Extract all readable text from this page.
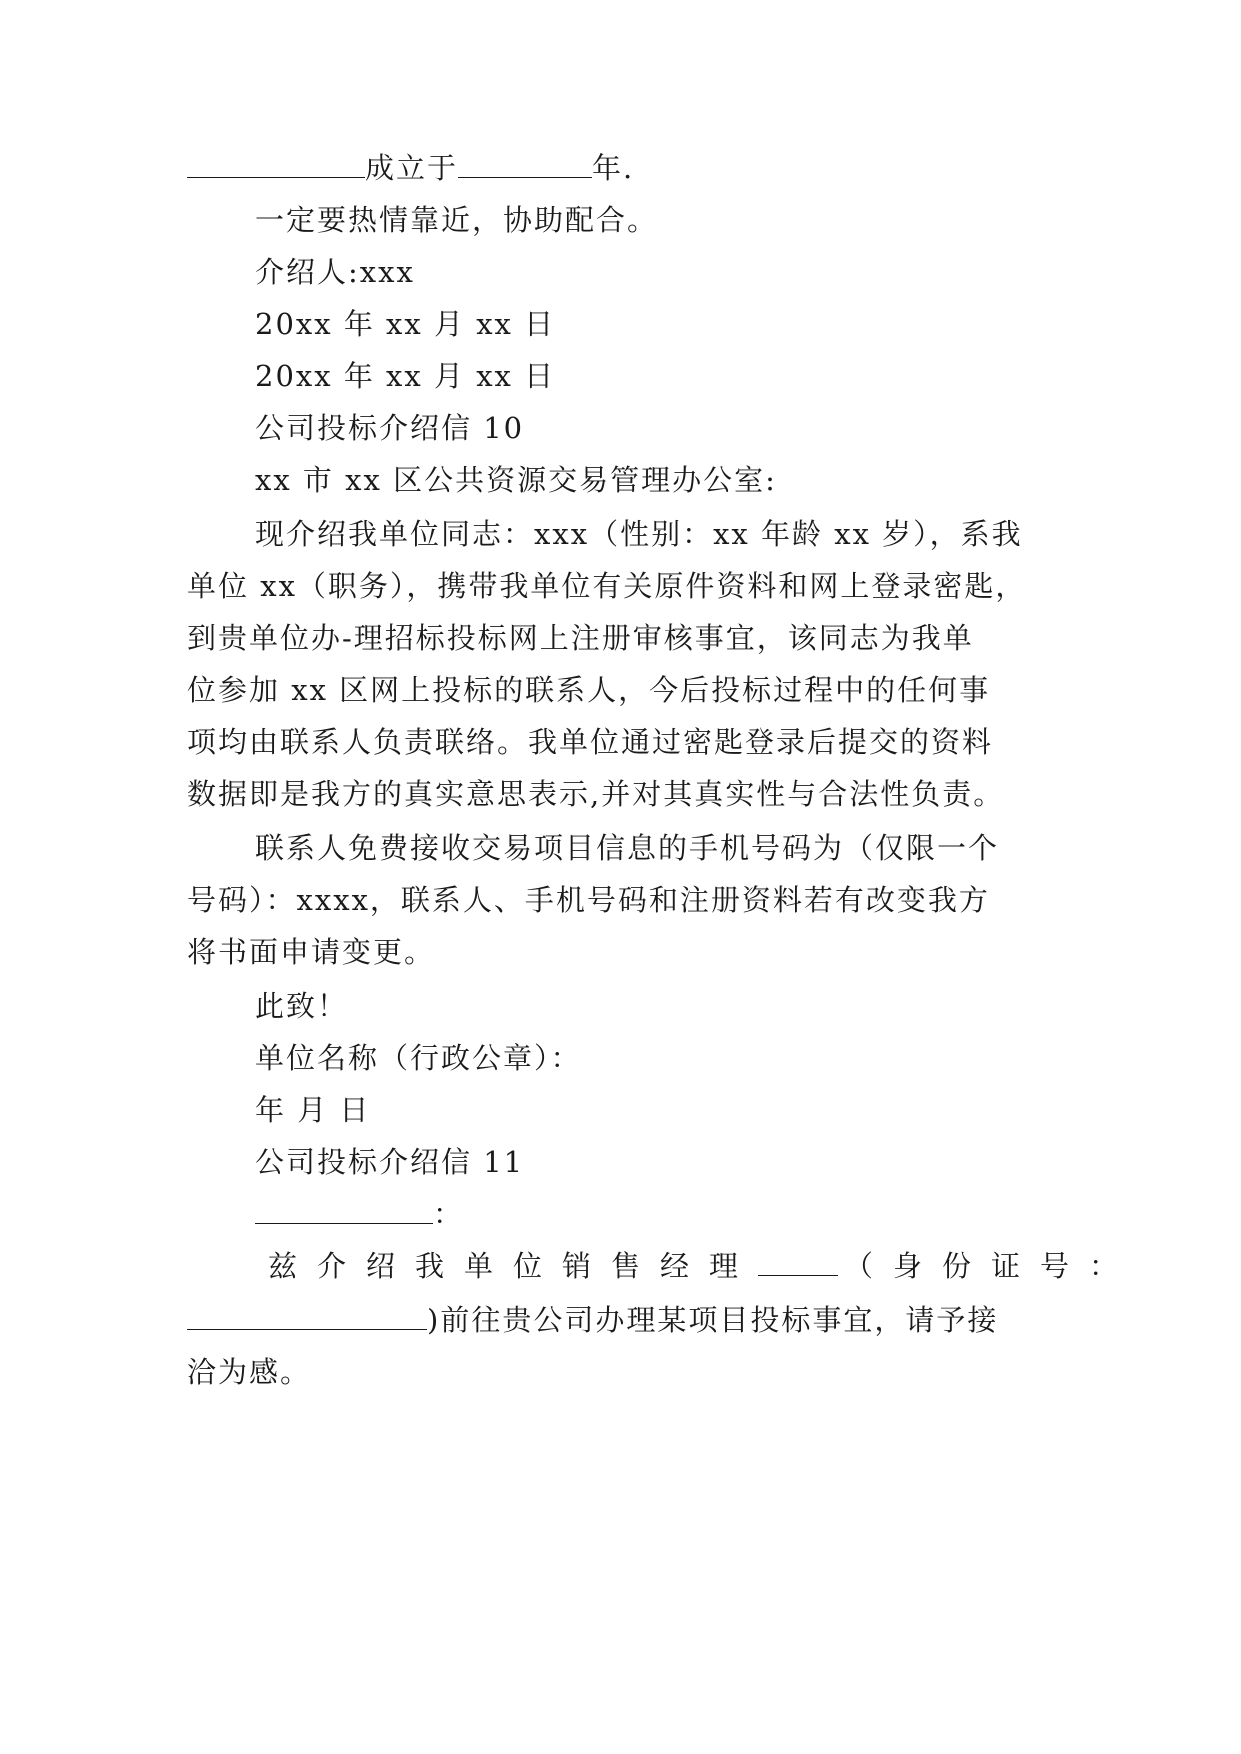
成立于	年.
一定要热情靠近，协助配合。
介绍人:xxx
20xx 年 xx 月 xx 日
20xx 年 xx 月 xx 日
公司投标介绍信 10
xx 市 xx 区公共资源交易管理办公室:
现介绍我单位同志：xxx（性别：xx 年龄 xx 岁），系我
单位 xx（职务），携带我单位有关原件资料和网上登录密匙，
到贵单位办-理招标投标网上注册审核事宜，该同志为我单
位参加 xx 区网上投标的联系人，今后投标过程中的任何事
项均由联系人负责联络。我单位通过密匙登录后提交的资料
数据即是我方的真实意思表示,并对其真实性与合法性负责。
联系人免费接收交易项目信息的手机号码为（仅限一个
号码）：xxxx，联系人、手机号码和注册资料若有改变我方
将书面申请变更。
此致！
单位名称（行政公章）：
年 月 日
公司投标介绍信 11
：
兹介绍我单位销售经理	（身份证号：
)前往贵公司办理某项目投标事宜，请予接
洽为感。
